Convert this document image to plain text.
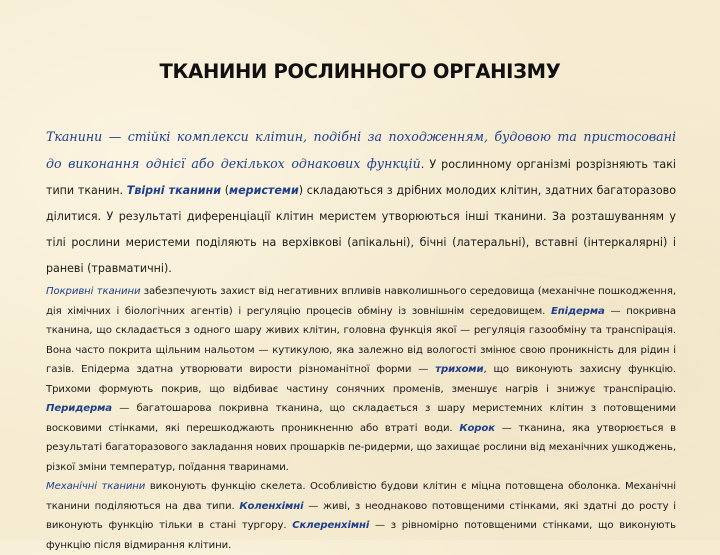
ТКАНИНИ РОСЛИННОГО ОРГАНІЗМУ

Тканини — стійкі комплекси клітин, подібні за походженням, будовою та пристосовані до виконання однієї або декількох однакових функцій. У рослинному організмі розрізняють такі типи тканин. Твірні тканини (меристеми) складаються з дрібних молодих клітин, здатних багаторазово ділитися. У результаті диференціації клітин меристем утворюються інші тканини. За розташуванням у тілі рослини меристеми поділяють на верхівкові (апікальні), бічні (латеральні), вставні (інтеркалярні) і раневі (травматичні).

Покривні тканини забезпечують захист від негативних впливів навколишнього середовища (механічне пошкодження, дія хімічних і біологічних агентів) і регуляцію процесів обміну із зовнішнім середовищем. Епідерма — покривна тканина, що складається з одного шару живих клітин, головна функція якої — регуляція газообміну та транспірація. Вона часто покрита щільним нальотом — кутикулою, яка залежно від вологості змінює свою проникність для рідин і газів. Епідерма здатна утворювати вирости різноманітної форми — трихоми, що виконують захисну функцію. Трихоми формують покрив, що відбиває частину сонячних променів, зменшує нагрів і знижує транспірацію. Перидерма — багатошарова покривна тканина, що складається з шару меристемних клітин з потовщеними восковими стінками, які перешкоджають проникненню або втраті води. Корок — тканина, яка утворюється в результаті багаторазового закладання нових прошарків пе-ридерми, що захищає рослини від механічних ушкоджень, різкої зміни температур, поїдання тваринами.

Механічні тканини виконують функцію скелета. Особливістю будови клітин є міцна потовщена оболонка. Механічні тканини поділяються на два типи. Коленхімні — живі, з неоднаково потовщеними стінками, які здатні до росту і виконують функцію тільки в стані тургору. Склеренхімні — з рівномірно потовщеними стінками, що виконують функцію після відмирання клітини.
